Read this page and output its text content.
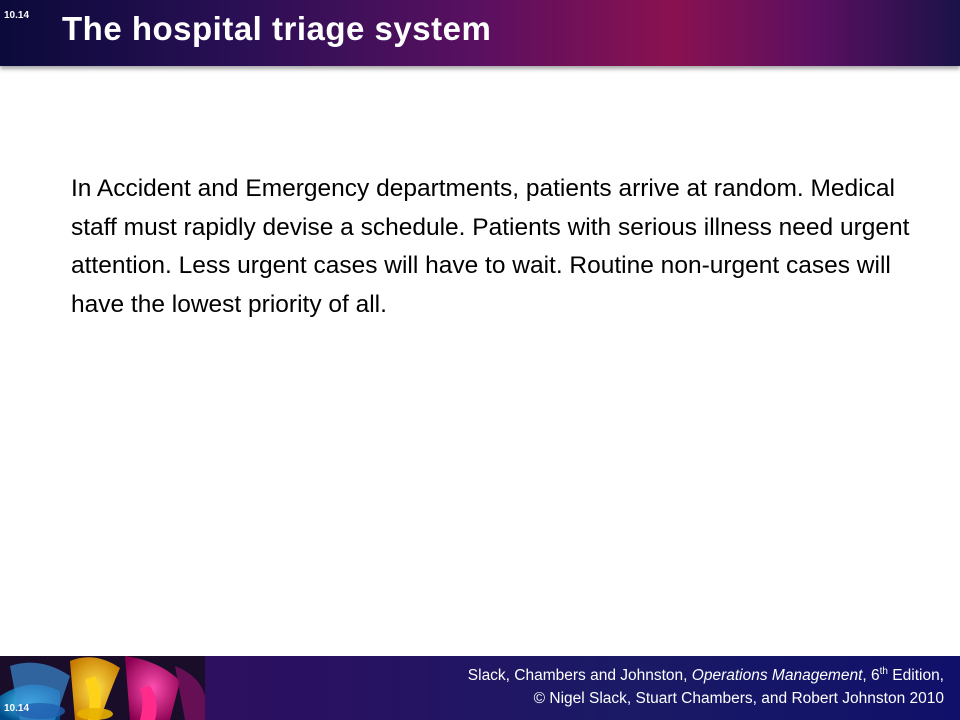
10.14 The hospital triage system
In Accident and Emergency departments, patients arrive at random. Medical staff must rapidly devise a schedule. Patients with serious illness need urgent attention. Less urgent cases will have to wait. Routine non-urgent cases will have the lowest priority of all.
10.14
Slack, Chambers and Johnston, Operations Management, 6th Edition,
© Nigel Slack, Stuart Chambers, and Robert Johnston 2010
